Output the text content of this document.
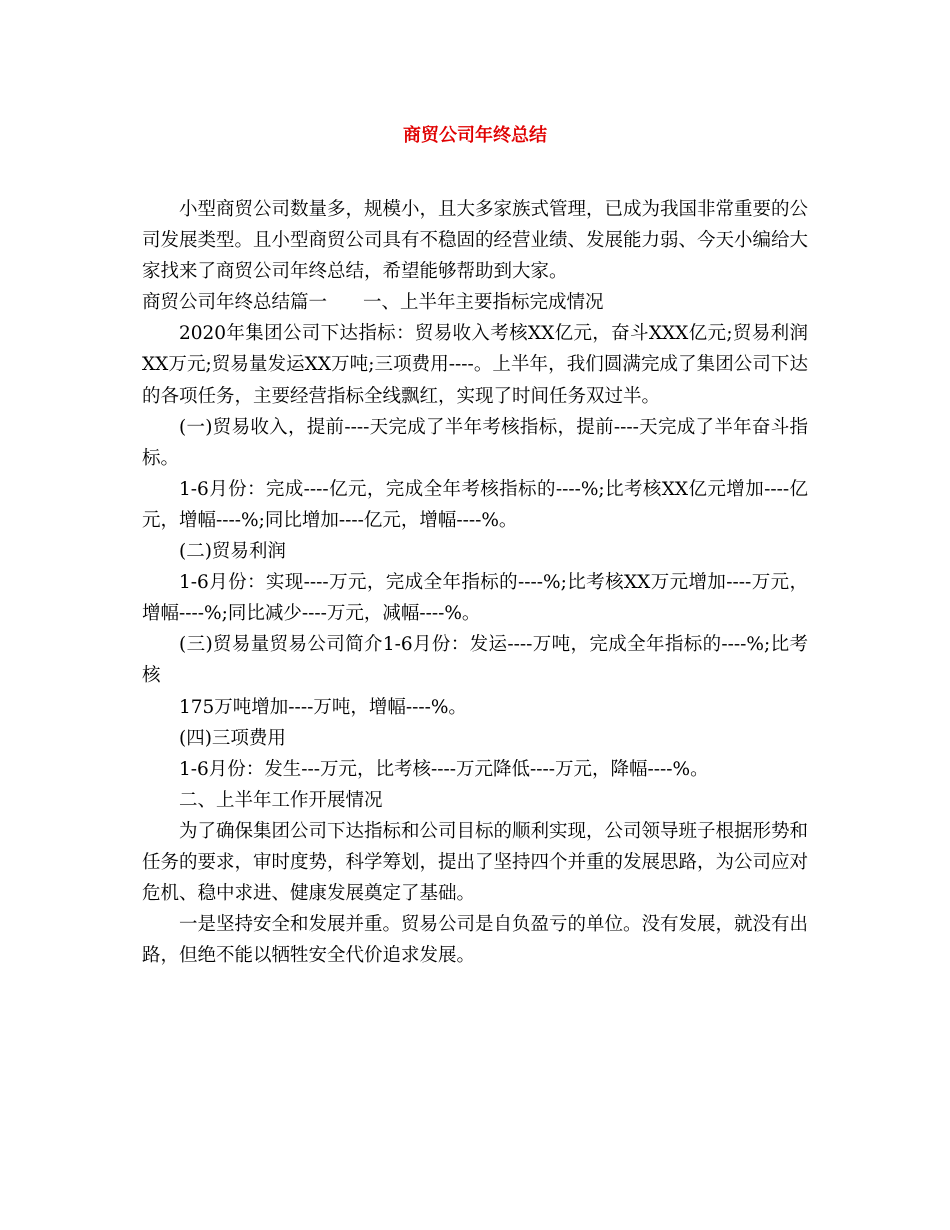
商贸公司年终总结

小型商贸公司数量多，规模小，且大多家族式管理，已成为我国非常重要的公司发展类型。且小型商贸公司具有不稳固的经营业绩、发展能力弱、今天小编给大家找来了商贸公司年终总结，希望能够帮助到大家。

商贸公司年终总结篇一 一、上半年主要指标完成情况

2020年集团公司下达指标：贸易收入考核XX亿元，奋斗XXX亿元;贸易利润XX万元;贸易量发运XX万吨;三项费用----。上半年，我们圆满完成了集团公司下达的各项任务，主要经营指标全线飘红，实现了时间任务双过半。

(一)贸易收入，提前----天完成了半年考核指标，提前----天完成了半年奋斗指标。

1-6月份：完成----亿元，完成全年考核指标的----%;比考核XX亿元增加----亿元，增幅----%;同比增加----亿元，增幅----%。

(二)贸易利润

1-6月份：实现----万元，完成全年指标的----%;比考核XX万元增加----万元，增幅----%;同比减少----万元，减幅----%。

(三)贸易量贸易公司简介1-6月份：发运----万吨，完成全年指标的----%;比考核

175万吨增加----万吨，增幅----%。

(四)三项费用

1-6月份：发生---万元，比考核----万元降低----万元，降幅----%。

二、上半年工作开展情况

为了确保集团公司下达指标和公司目标的顺利实现，公司领导班子根据形势和任务的要求，审时度势，科学筹划，提出了坚持四个并重的发展思路，为公司应对危机、稳中求进、健康发展奠定了基础。

一是坚持安全和发展并重。贸易公司是自负盈亏的单位。没有发展，就没有出路，但绝不能以牺牲安全代价追求发展。
